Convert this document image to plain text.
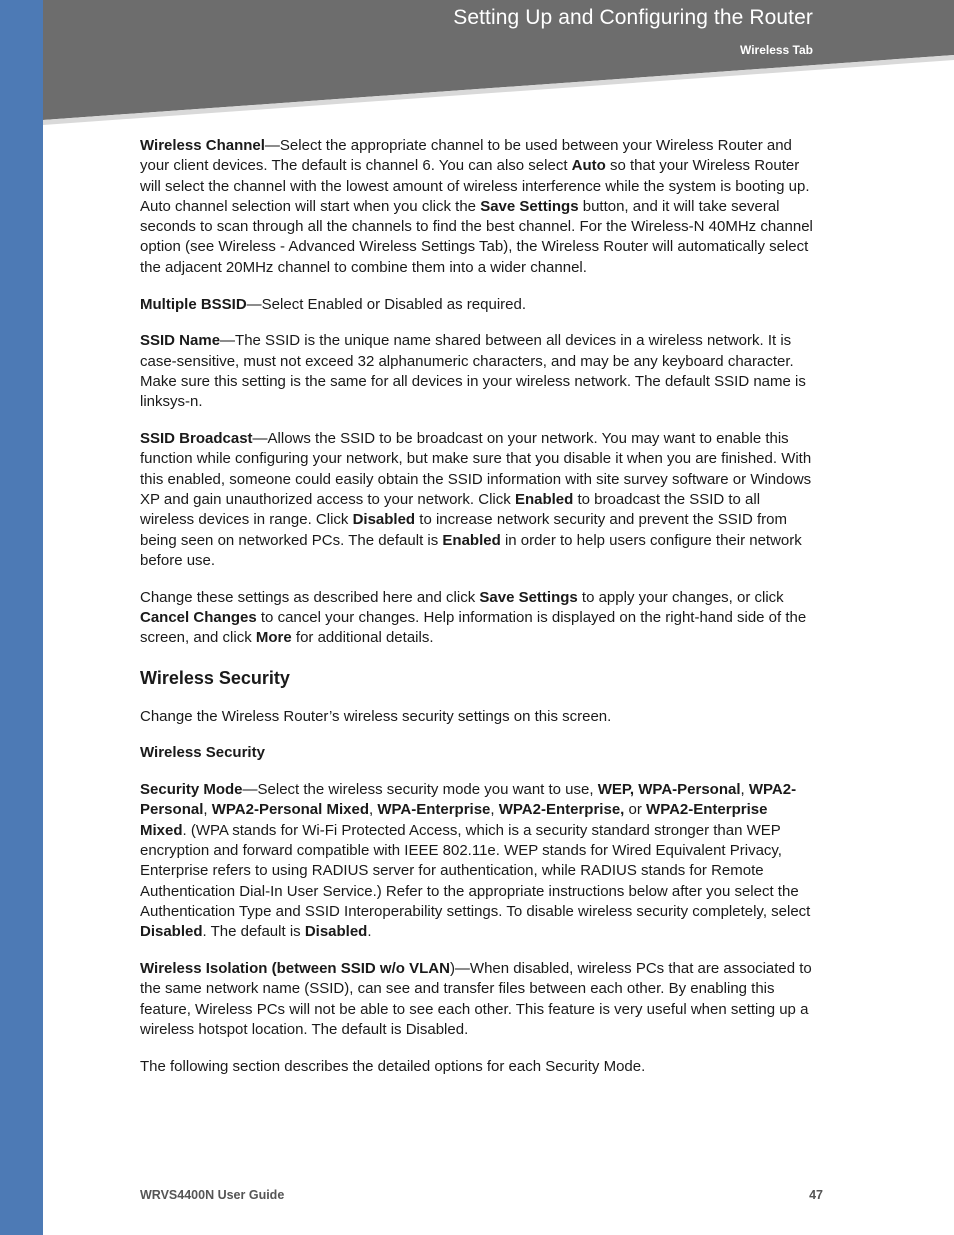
Setting Up and Configuring the Router
Wireless Tab

Wireless Channel—Select the appropriate channel to be used between your Wireless Router and your client devices. The default is channel 6. You can also select Auto so that your Wireless Router will select the channel with the lowest amount of wireless interference while the system is booting up. Auto channel selection will start when you click the Save Settings button, and it will take several seconds to scan through all the channels to find the best channel. For the Wireless-N 40MHz channel option (see Wireless - Advanced Wireless Settings Tab), the Wireless Router will automatically select the adjacent 20MHz channel to combine them into a wider channel.

Multiple BSSID—Select Enabled or Disabled as required.

SSID Name—The SSID is the unique name shared between all devices in a wireless network. It is case-sensitive, must not exceed 32 alphanumeric characters, and may be any keyboard character. Make sure this setting is the same for all devices in your wireless network. The default SSID name is linksys-n.

SSID Broadcast—Allows the SSID to be broadcast on your network. You may want to enable this function while configuring your network, but make sure that you disable it when you are finished. With this enabled, someone could easily obtain the SSID information with site survey software or Windows XP and gain unauthorized access to your network. Click Enabled to broadcast the SSID to all wireless devices in range. Click Disabled to increase network security and prevent the SSID from being seen on networked PCs. The default is Enabled in order to help users configure their network before use.

Change these settings as described here and click Save Settings to apply your changes, or click Cancel Changes to cancel your changes. Help information is displayed on the right-hand side of the screen, and click More for additional details.

Wireless Security

Change the Wireless Router’s wireless security settings on this screen.

Wireless Security

Security Mode—Select the wireless security mode you want to use, WEP, WPA-Personal, WPA2-Personal, WPA2-Personal Mixed, WPA-Enterprise, WPA2-Enterprise, or WPA2-Enterprise Mixed. (WPA stands for Wi-Fi Protected Access, which is a security standard stronger than WEP encryption and forward compatible with IEEE 802.11e. WEP stands for Wired Equivalent Privacy, Enterprise refers to using RADIUS server for authentication, while RADIUS stands for Remote Authentication Dial-In User Service.) Refer to the appropriate instructions below after you select the Authentication Type and SSID Interoperability settings. To disable wireless security completely, select Disabled. The default is Disabled.

Wireless Isolation (between SSID w/o VLAN)—When disabled, wireless PCs that are associated to the same network name (SSID), can see and transfer files between each other. By enabling this feature, Wireless PCs will not be able to see each other. This feature is very useful when setting up a wireless hotspot location. The default is Disabled.

The following section describes the detailed options for each Security Mode.

WRVS4400N User Guide	47
